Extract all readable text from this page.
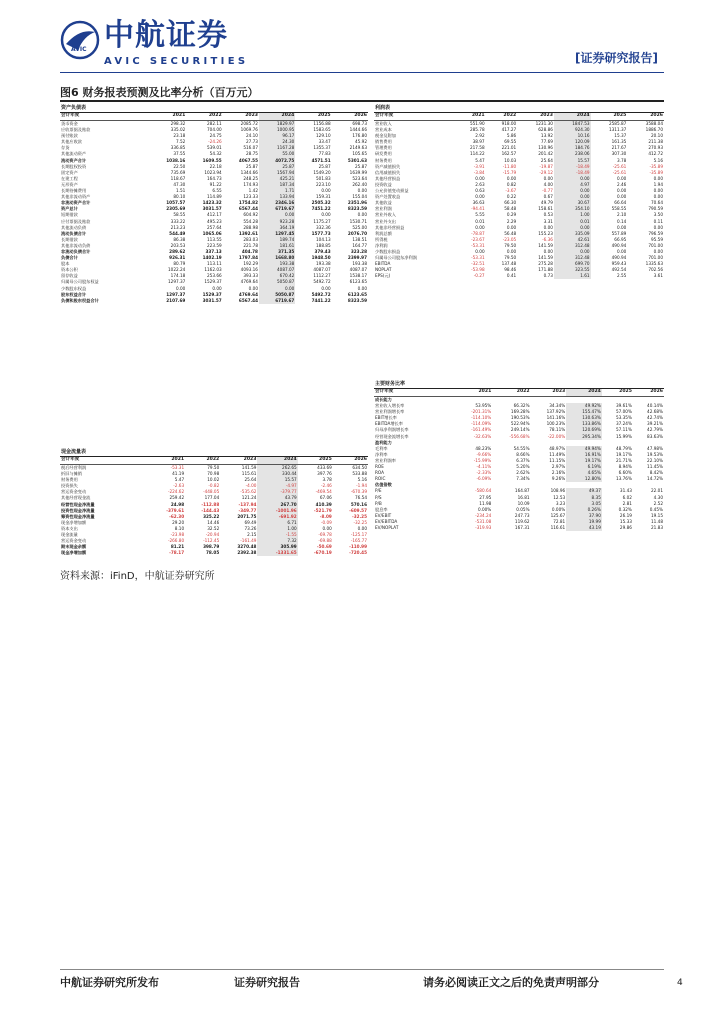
AVIC 中航证券
AVIC SECURITIES	[证券研究报告]
图6 财务报表预测及比率分析（百万元）
资产负债表						
会计年度	2021	2022	2023	2024	2025	2026
货币资金	298.32	282.11	2085.72	1829.97	1156.88	698.73
应收票据及账款	335.02	704.00	1069.76	1000.95	1583.65	1444.66
预付账款	23.18	24.75	24.10	96.17	129.10	176.80
其他应收款	7.52	-24.26	27.73	24.30	33.47	45.92
存货	336.85	539.01	516.07	1167.28	1355.37	2149.63
其他流动资产	37.55	54.32	28.75	55.00	77.83	105.65
流动资产合计	1038.16	1609.55	4067.55	4072.75	4571.51	5301.63
长期股权投资	22.50	22.18	25.87	25.87	25.87	25.87
固定资产	735.69	1023.94	1344.66	1567.94	1549.20	1639.99
在建工程	118.67	164.73	248.25	425.21	501.83	523.64
无形资产	47.30	91.22	174.93	187.34	223.10	262.40
长期待摊费用	1.51	6.55	1.42	1.71	0.00	0.00
其他非流动资产	80.10	114.89	123.33	133.94	159.31	155.04
非流动资产合计	1057.57	1423.32	1754.82	2346.16	2505.32	2351.96
资产总计	2305.69	3031.57	6567.44	6719.67	7451.22	8323.59
短期借款	58.55	412.17	604.92	0.00	0.00	0.00
应付票据及账款	333.22	495.23	554.28	923.28	1175.27	1530.71
其他流动负债	213.23	257.64	288.98	364.19	332.36	525.00
流动负债合计	544.49	1065.06	1392.61	1297.45	1577.73	2076.70
长期借款	86.38	113.55	283.03	189.74	104.13	138.51
其他非流动负债	203.53	223.59	221.78	181.61	188.85	164.77
非流动负债合计	289.62	337.13	404.78	371.35	379.43	323.28
负债合计	926.31	1402.19	1797.84	1668.80	1948.50	2399.97
股本	80.79	113.11	192.29	193.38	193.38	193.38
资本公积	1022.24	1162.03	4093.16	4087.07	4087.07	4087.07
留存收益	174.18	253.66	393.33	670.42	1112.27	1538.17
归属母公司股东权益	1297.37	1529.37	4769.64	5050.87	5492.72	6123.65
少数股东权益	0.00	0.00	0.00	0.00	0.00	0.00
股东权益合计	1297.37	1529.37	4769.64	5050.87	5492.72	6123.65
负债和股东权益合计	2107.69	3031.57	6567.44	6719.67	7441.22	8323.59
利润表						
会计年度	2021	2022	2023	2024	2025	2026
营业收入	551.90	918.00	1231.30	1847.53	2585.87	3588.04
营业成本	285.78	417.27	628.86	924.30	1311.37	1886.70
税金及附加	2.92	5.86	13.92	10.16	15.37	20.10
销售费用	38.97	69.55	77.69	120.09	161.35	211.38
管理费用	217.58	221.01	130.96	184.76	217.67	270.93
研发费用	114.22	162.57	201.42	238.06	307.30	412.72
财务费用	5.47	10.03	25.64	15.57	3.78	5.16
资产减值损失	-3.91	-11.80	-19.87	-18.49	-25.61	-35.89
信用减值损失	-3.84	-15.79	-29.12	-18.49	-25.61	-35.89
其他经营损益	0.00	0.00	0.00	0.00	0.00	0.00
投资收益	2.63	0.82	4.00	4.97	2.46	1.94
公允价值变动损益	0.63	-3.67	-0.77	0.00	0.00	0.00
资产处置收益	0.00	0.22	0.67	0.00	0.00	0.00
其他收益	36.63	66.30	49.79	30.67	66.64	70.64
营业利润	-94.41	58.48	158.61	354.10	558.55	790.59
营业外收入	5.55	0.29	0.53	1.00	2.10	3.50
营业外支出	0.01	2.29	3.31	0.01	0.14	0.11
其他非经营损益	0.00	0.00	0.00	0.00	0.00	0.00
利润总额	-78.87	56.48	155.23	335.09	557.89	796.59
所得税	-23.67	-23.05	-6.36	42.61	66.95	95.59
净利润	-53.31	79.50	141.59	312.48	490.94	701.00
少数股东损益	0.00	0.00	0.00	0.00	0.00	0.00
归属母公司股东净利润	-53.31	79.50	141.59	312.48	490.94	701.00
EBITDA	-32.51	137.48	275.28	699.70	959.43	1335.63
NOPLAT	-53.98	98.46	171.88	323.55	492.54	702.56
EPS(元)	-0.27	0.41	0.73	1.61	2.55	3.61
主要财务比率						
会计年度	2021	2022	2023	2024	2025	2026
成长能力						
营业收入增长率	53.95%	66.32%	34.34%	49.92%	39.61%	40.14%
营业利润增长率	-201.31%	169.28%	137.92%	155.47%	57.00%	42.68%
EBIT增长率	-114.10%	190.53%	141.16%	130.63%	53.35%	42.74%
EBITDA增长率	-114.09%	522.94%	100.23%	133.86%	37.24%	39.21%
归母净利润增长率	-161.49%	249.14%	78.11%	120.69%	57.11%	42.79%
经营现金流增长率	-32.63%	-556.68%	-22.00%	295.34%	15.99%	83.63%
盈利能力						
毛利率	48.23%	54.55%	48.97%	49.94%	48.79%	47.98%
净利率	-9.66%	8.66%	11.49%	16.91%	19.17%	19.53%
营业利润率	-15.99%	6.37%	11.15%	19.17%	21.71%	22.10%
ROE	-4.11%	5.20%	2.97%	6.19%	8.94%	11.45%
ROA	-2.33%	2.62%	2.16%	4.65%	6.60%	8.42%
ROIC	-6.09%	7.34%	9.26%	12.80%	13.76%	14.72%
估值倍数						
P/E	-580.64	164.87	108.96	49.37	31.43	22.01
P/S	27.95	16.81	12.53	8.35	6.02	4.30
P/B	11.98	10.09	3.23	3.05	2.81	2.52
股息率	0.00%	0.05%	0.00%	0.26%	0.32%	0.45%
EV/EBIT	-234.24	247.73	125.67	37.90	26.19	19.15
EV/EBITDA	-531.08	119.62	72.81	19.99	15.33	11.48
EV/NOPLAT	-319.93	167.31	116.61	43.19	29.86	21.83
现金流量表						
会计年度	2021	2022	2023	2024	2025	2026
税后经营利润	-53.31	79.50	141.59	262.65	433.69	634.50
折旧与摊销	41.19	70.98	115.61	330.44	397.76	533.88
财务费用	5.47	10.02	25.64	15.57	3.78	5.16
投资损失	-2.63	-0.82	-4.00	-4.97	-2.46	-1.94
营运资金变动	-224.62	-448.05	-535.62	-379.77	-469.54	-670.39
其他经营现金流	259.42	177.04	121.24	43.79	67.06	76.54
经营性现金净流量	24.98	-112.88	-137.94	267.70	410.39	570.16
投资性现金净流量	-379.61	-144.43	-349.77	-1001.96	-521.79	-609.57
筹资性现金净流量	-62.30	325.22	2071.75	-691.92	-8.09	-32.25
现金净增加额	29.20	14.46	69.49	6.71	-0.09	-32.25
资本支出	8.10	32.52	73.26	1.00	0.00	0.00
现金流量	-23.98	-20.94	2.15	-1.55	-69.78	-125.17
营运资金变动	-266.80	-112.45	-161.49	7.32	-69.88	-165.77
期末现金余额	81.21	398.79	3270.48	305.99	-50.69	-110.99
现金净增加额	-78.17	78.05	2392.38	-1331.65	-670.19	-720.45
资料来源：iFinD，中航证券研究所
中航证券研究所发布	证券研究报告	请务必阅读正文之后的免责声明部分	4
